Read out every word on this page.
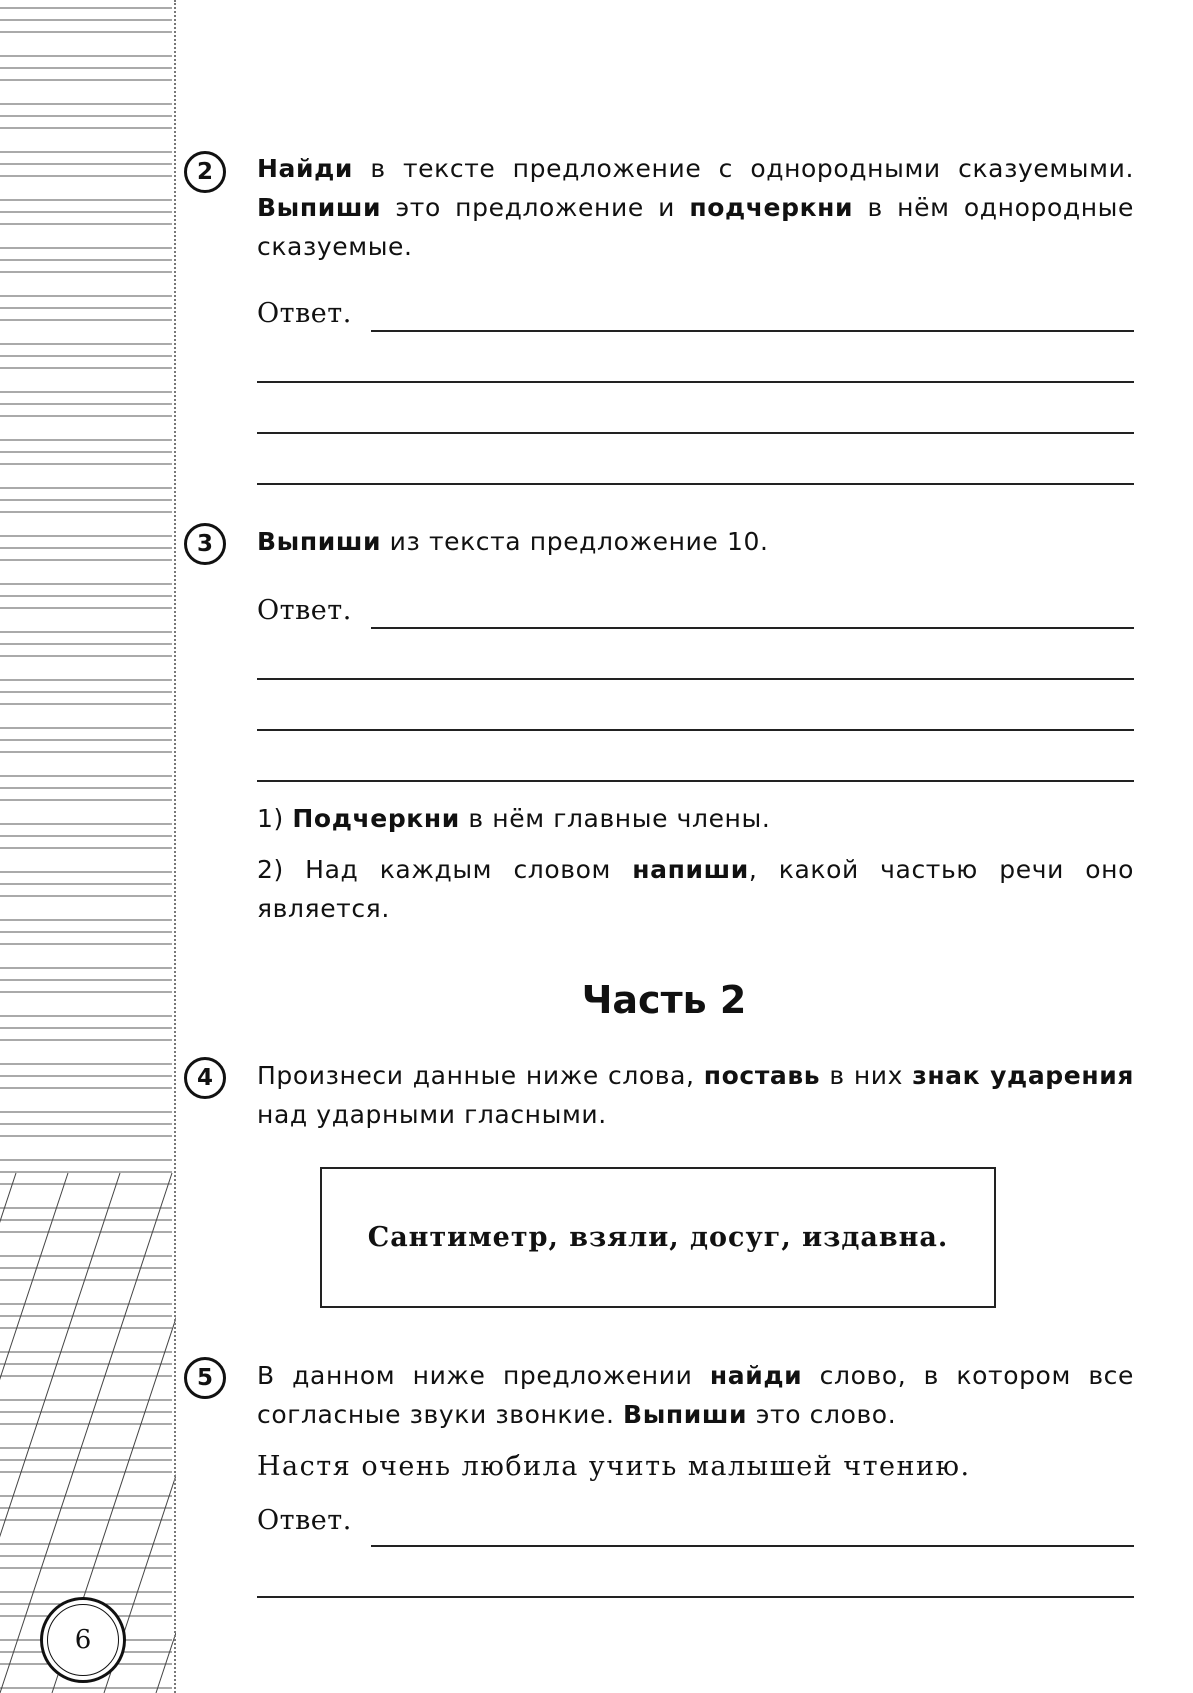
2 Найди в тексте предложение с однородными сказуемыми. Выпиши это предложение и подчеркни в нём однородные сказуемые.
Ответ.
3 Выпиши из текста предложение 10.
Ответ.
1) Подчеркни в нём главные члены.
2) Над каждым словом напиши, какой частью речи оно является.
Часть 2
4 Произнеси данные ниже слова, поставь в них знак ударения над ударными гласными.
Сантиметр, взяли, досуг, издавна.
5 В данном ниже предложении найди слово, в котором все согласные звуки звонкие. Выпиши это слово.
Ответ.
Настя очень любила учить малышей чтению.
6
